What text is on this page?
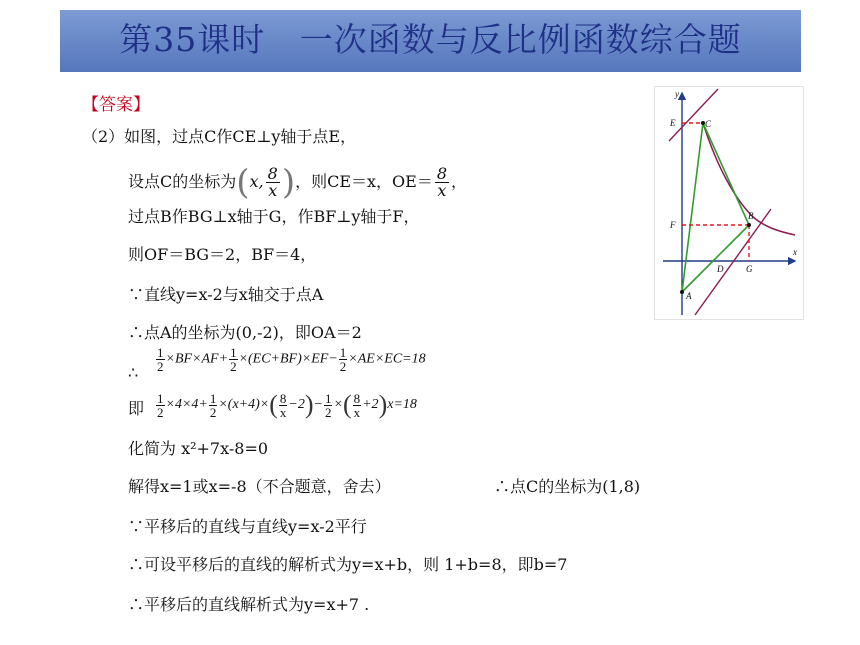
第35课时   一次函数与反比例函数综合题
【答案】
（2）如图，过点C作CE⊥y轴于点E，
设点C的坐标为(x, $\frac{8}{x}$ )，则CE＝x，$OE= \frac{8}{x}$ ，
过点B作BG⊥x轴于G，作BF⊥y轴于F，
则OF＝BG＝2，BF＝4，
∵直线y=x-2与x轴交于点A
∴点A的坐标为(0,-2)，即OA＝2
∴ $\frac{1}{2} \times BF\times AF+ \frac{1}{2} \times(EC+BF)\times EF- \frac{1}{2} \times AE\times EC=18$
即 $\frac{1}{2} \times 4\times 4+ \frac{1}{2} \times(x+4)\times( \frac{8}{x} -2)- \frac{1}{2}$ ×( $\frac{8}{x} +2)x=18$
化简为 x²+7x-8=0
解得x=1或x=-8（不合题意，舍去）	∴点C的坐标为(1,8)
∵平移后的直线与直线y=x-2平行
∴可设平移后的直线的解析式为y=x+b，则 1+b=8，即b=7
∴平移后的直线解析式为y=x+7 .
y
x
E	C
F
B
D	G
A
